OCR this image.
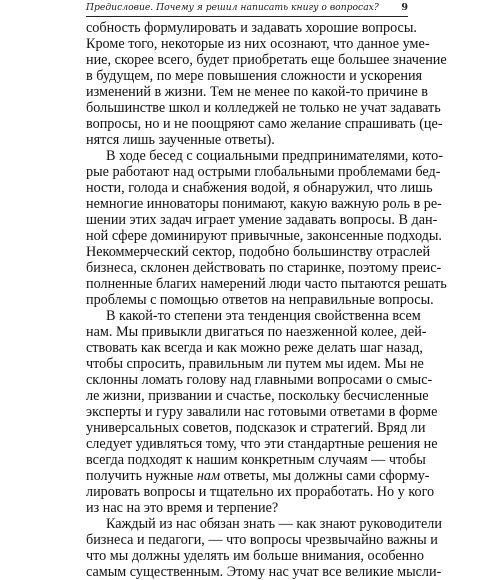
Предисловие. Почему я решил написать книгу о вопросах?	9
собность формулировать и задавать хорошие вопросы.
Кроме того, некоторые из них осознают, что данное уме-
ние, скорее всего, будет приобретать еще большее значение
в будущем, по мере повышения сложности и ускорения
изменений в жизни. Тем не менее по какой-то причине в
большинстве школ и колледжей не только не учат задавать
вопросы, но и не поощряют само желание спрашивать (це-
нятся лишь заученные ответы).
В ходе бесед с социальными предпринимателями, кото-
рые работают над острыми глобальными проблемами бед-
ности, голода и снабжения водой, я обнаружил, что лишь
немногие инноваторы понимают, какую важную роль в ре-
шении этих задач играет умение задавать вопросы. В дан-
ной сфере доминируют привычные, законсенные подходы.
Некоммерческий сектор, подобно большинству отраслей
бизнеса, склонен действовать по старинке, поэтому преис-
полненные благих намерений люди часто пытаются решать
проблемы с помощью ответов на неправильные вопросы.
В какой-то степени эта тенденция свойственна всем
нам. Мы привыкли двигаться по наезженной колее, дей-
ствовать как всегда и как можно реже делать шаг назад,
чтобы спросить, правильным ли путем мы идем. Мы не
склонны ломать голову над главными вопросами о смыс-
ле жизни, призвании и счастье, поскольку бесчисленные
эксперты и гуру завалили нас готовыми ответами в форме
универсальных советов, подсказок и стратегий. Вряд ли
следует удивляться тому, что эти стандартные решения не
всегда подходят к нашим конкретным случаям — чтобы
получить нужные нам ответы, мы должны сами сформу-
лировать вопросы и тщательно их проработать. Но у кого
из нас на это время и терпение?
Каждый из нас обязан знать — как знают руководители
бизнеса и педагоги, — что вопросы чрезвычайно важны и
что мы должны уделять им больше внимания, особенно
самым существенным. Этому нас учат все великие мысли-
